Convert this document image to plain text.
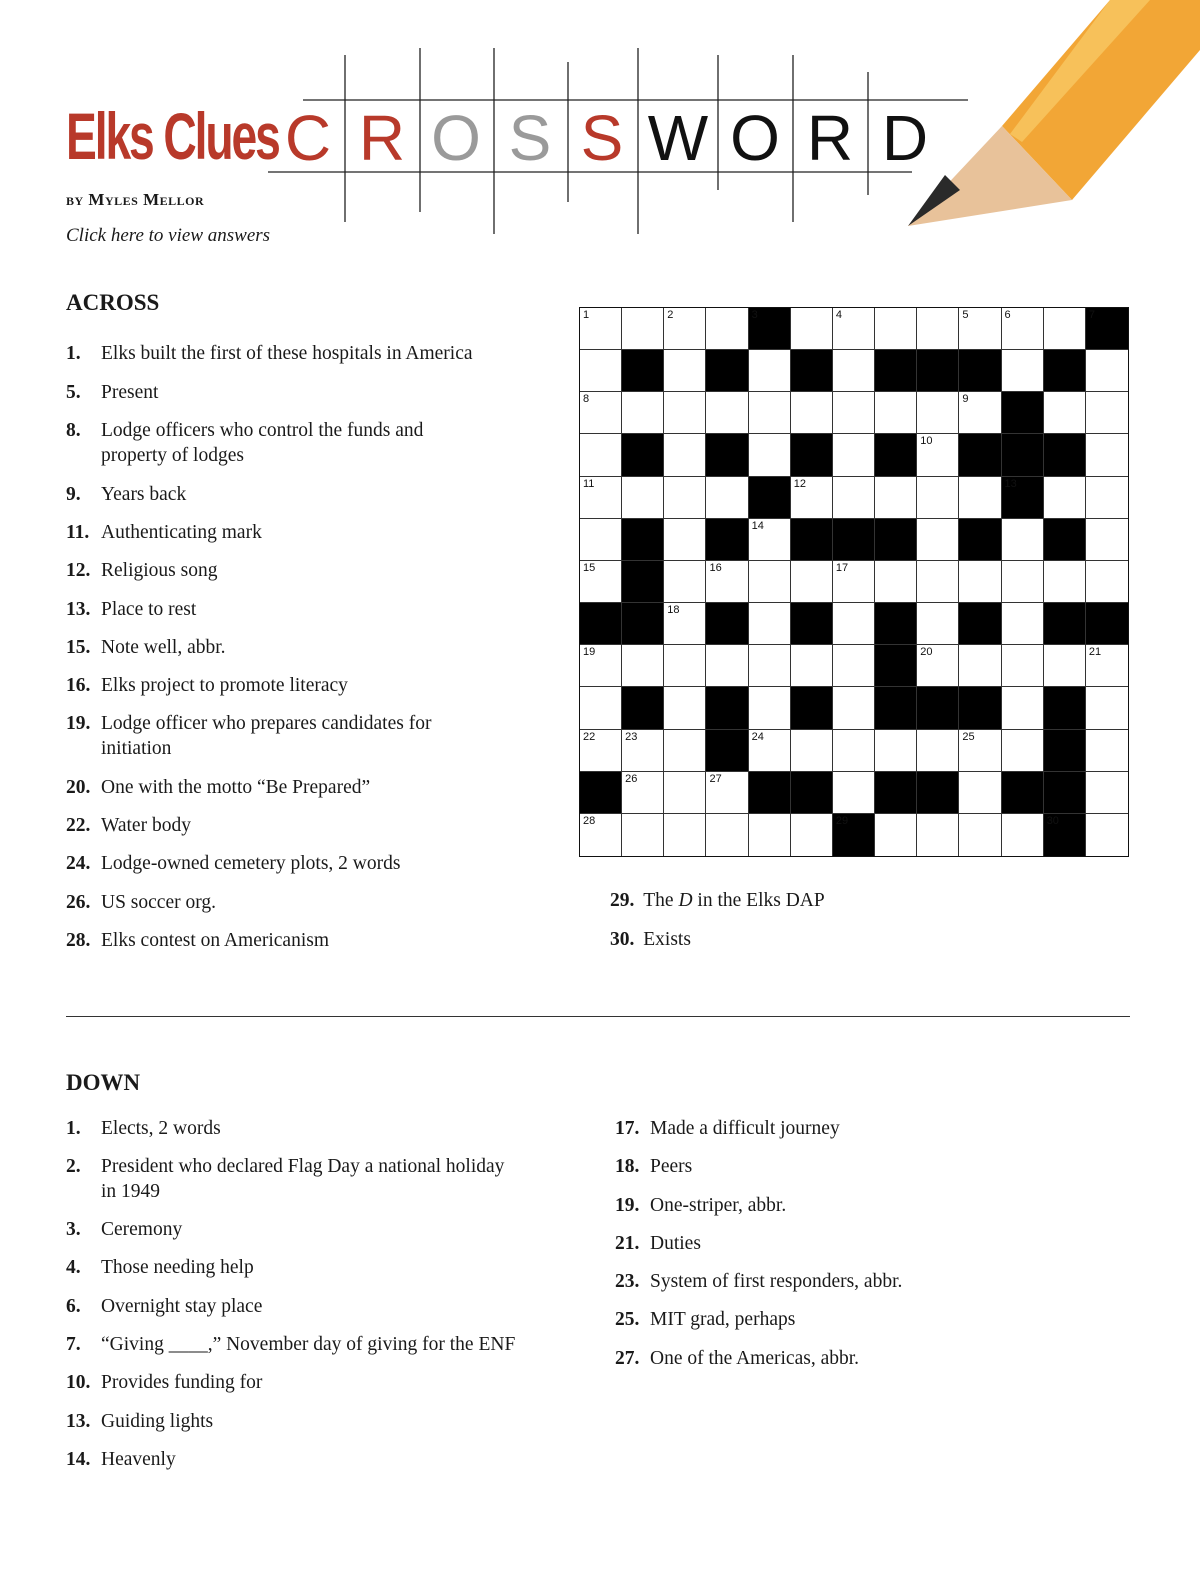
C R O S S W O R D
Elks Clues
by Myles Mellor
Click here to view answers
ACROSS
1. Elks built the first of these hospitals in America
5. Present
8. Lodge officers who control the funds and property of lodges
9. Years back
11. Authenticating mark
12. Religious song
13. Place to rest
15. Note well, abbr.
16. Elks project to promote literacy
19. Lodge officer who prepares candidates for initiation
20. One with the motto “Be Prepared”
22. Water body
24. Lodge-owned cemetery plots, 2 words
26. US soccer org.
28. Elks contest on Americanism
29. The D in the Elks DAP
30. Exists
1	2	3	4	5	6	7
8	9
10
11	12	13
14
15	16	17
18
19	20	21
22	23	24	25
26	27
28	29	30
DOWN
1. Elects, 2 words
2. President who declared Flag Day a national holiday in 1949
3. Ceremony
4. Those needing help
6. Overnight stay place
7. “Giving ____,” November day of giving for the ENF
10. Provides funding for
13. Guiding lights
14. Heavenly
17. Made a difficult journey
18. Peers
19. One-striper, abbr.
21. Duties
23. System of first responders, abbr.
25. MIT grad, perhaps
27. One of the Americas, abbr.
